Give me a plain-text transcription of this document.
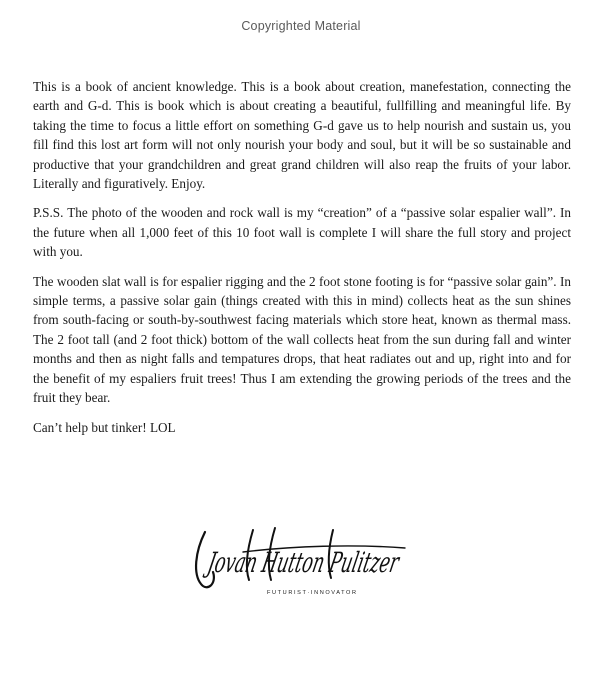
Copyrighted Material

This is a book of ancient knowledge. This is a book about creation, manefestation, connecting the earth and G-d. This is book which is about creating a beautiful, fullfilling and meaningful life. By taking the time to focus a little effort on something G-d gave us to help nourish and sustain us, you fill find this lost art form will not only nourish your body and soul, but it will be so sustainable and productive that your grandchildren and great grand children will also reap the fruits of your labor. Literally and figuratively. Enjoy.

P.S.S. The photo of the wooden and rock wall is my “creation” of a “passive solar espalier wall”. In the future when all 1,000 feet of this 10 foot wall is complete I will share the full story and project with you.

The wooden slat wall is for espalier rigging and the 2 foot stone footing is for “passive solar gain”. In simple terms, a passive solar gain (things created with this in mind) collects heat as the sun shines from south-facing or south-by-southwest facing materials which store heat, known as thermal mass. The 2 foot tall (and 2 foot thick) bottom of the wall collects heat from the sun during fall and winter months and then as night falls and tempatures drops, that heat radiates out and up, right into and for the benefit of my espaliers fruit trees! Thus I am extending the growing periods of the trees and the fruit they bear.

Can’t help but tinker! LOL

Jovan Hutton Pulitzer
FUTURIST·INNOVATOR
